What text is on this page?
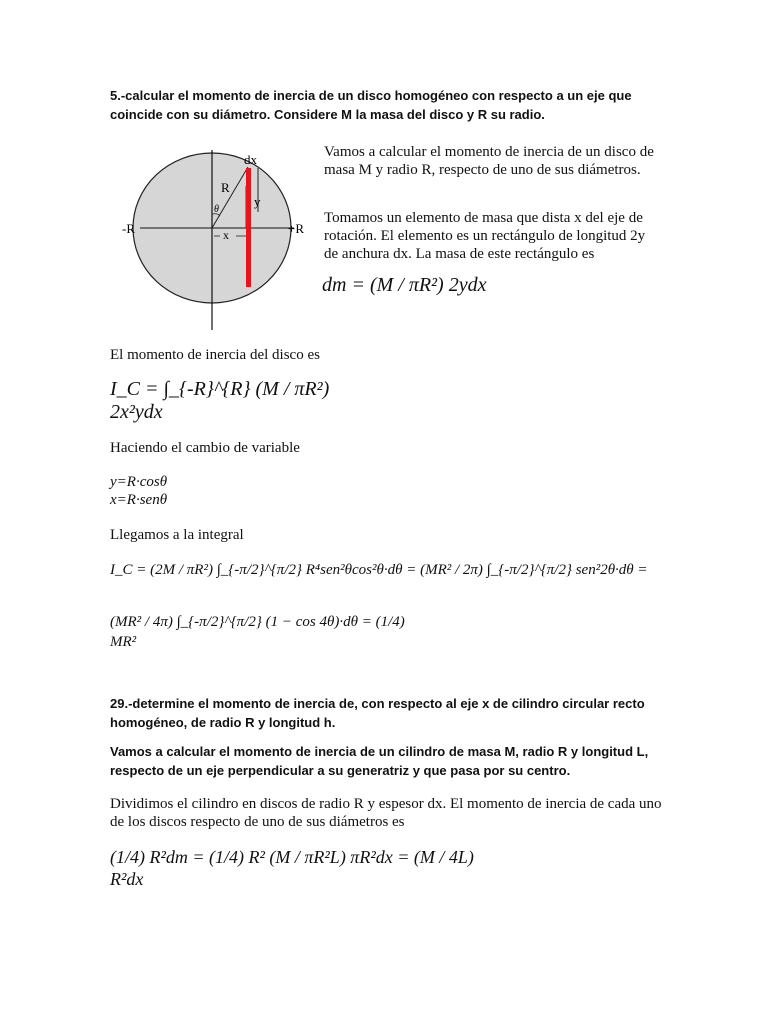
5.-calcular el momento de inercia de un disco homogéneo con respecto a un eje que coincide con su diámetro. Considere M la masa del disco y R su radio.
dx
R
θ
y
-R	+R
x
Vamos a calcular el momento de inercia de un disco de masa M y radio R, respecto de uno de sus diámetros.
Tomamos un elemento de masa que dista x del eje de rotación. El elemento es un rectángulo de longitud 2y de anchura dx. La masa de este rectángulo es
dm = (M / πR²) 2ydx
El momento de inercia del disco es
I_C = ∫_{-R}^{R} (M / πR²) 2x²ydx
Haciendo el cambio de variable
y=R·cosθ
x=R·senθ
Llegamos a la integral
I_C = (2M / πR²) ∫_{-π/2}^{π/2} R⁴sen²θcos²θ·dθ = (MR² / 2π) ∫_{-π/2}^{π/2} sen²2θ·dθ =
(MR² / 4π) ∫_{-π/2}^{π/2} (1 − cos 4θ)·dθ = (1/4) MR²
29.-determine el momento de inercia de, con respecto al eje x de cilindro circular recto homogéneo, de radio R y longitud h.
Vamos a calcular el momento de inercia de un cilindro de masa M, radio R y longitud L, respecto de un eje perpendicular a su generatriz y que pasa por su centro.
Dividimos el cilindro en discos de radio R y espesor dx. El momento de inercia de cada uno de los discos respecto de uno de sus diámetros es
(1/4) R²dm = (1/4) R² (M / πR²L) πR²dx = (M / 4L) R²dx
